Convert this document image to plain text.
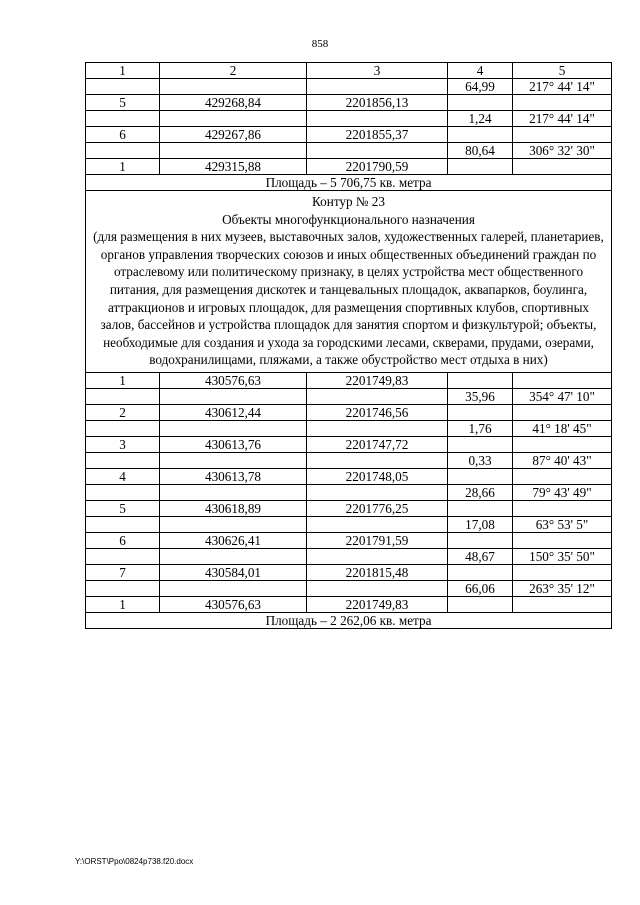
858
1	2	3	4	5
			64,99	217° 44' 14"
5	429268,84	2201856,13		
			1,24	217° 44' 14"
6	429267,86	2201855,37		
			80,64	306° 32' 30"
1	429315,88	2201790,59		
Площадь – 5 706,75 кв. метра				

Контур № 23
Объекты многофункционального назначения
(для размещения в них музеев, выставочных залов, художественных галерей, планетариев, органов управления творческих союзов и иных общественных объединений граждан по отраслевому или политическому признаку, в целях устройства мест общественного питания, для размещения дискотек и танцевальных площадок, аквапарков, боулинга, аттракционов и игровых площадок, для размещения спортивных клубов, спортивных залов, бассейнов и устройства площадок для занятия спортом и физкультурой; объекты, необходимые для создания и ухода за городскими лесами, скверами, прудами, озерами, водохранилищами, пляжами, а также обустройство мест отдыха в них)				

1	430576,63	2201749,83		
			35,96	354° 47' 10"
2	430612,44	2201746,56		
			1,76	41° 18' 45"
3	430613,76	2201747,72		
			0,33	87° 40' 43"
4	430613,78	2201748,05		
			28,66	79° 43' 49"
5	430618,89	2201776,25		
			17,08	63° 53' 5"
6	430626,41	2201791,59		
			48,67	150° 35' 50"
7	430584,01	2201815,48		
			66,06	263° 35' 12"
1	430576,63	2201749,83		
Площадь – 2 262,06 кв. метра				
Y:\ORST\Ppo\0824p738.f20.docx
